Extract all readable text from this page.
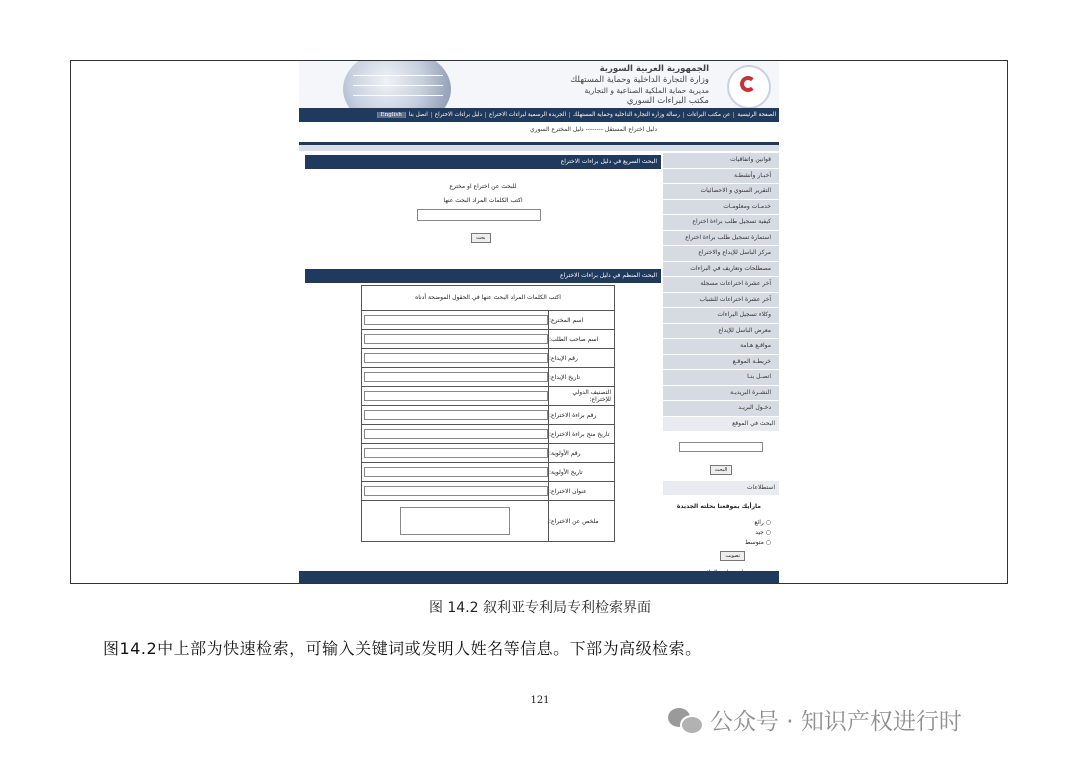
الجمهورية العربية السورية
وزارة التجارة الداخلية وحماية المستهلك
مديرية حماية الملكية الصناعية و التجارية
مكتب البراءات السوري
الصفحة الرئيسية
عن مكتب البراءات
رسالة وزارة التجارة الداخلية وحماية المستهلك
الجريدة الرسمية لبراءات الاختراع
دليل براءات الاختراع
اتصل بنا
English
دليل اختراع المستقل -------- دليل المخترع السوري
البحث السريع في دليل براءات الاختراع
للبحث عن اختراع او مخترع
اكتب الكلمات المراد البحث عنها
بحث
البحث المنظم في دليل براءات الاختراع
اكتب الكلمات المراد البحث عنها في الحقول الموضحة أدناه
اسم المخترع:
اسم صاحب الطلب:
رقم الإيداع:
تاريخ الإيداع:
التصنيف الدولي للإختراع:
رقم براءة الاختراع:
تاريخ منح براءة الاختراع:
رقم الأولوية:
تاريخ الأولوية:
عنوان الاختراع:
ملخص عن الاختراع:
قوانين واتفاقيات
أخبـار وأنشطـة
التقرير السنوي و الاحصائيات
خدمـات ومعلومـات
كيفية تسجيل طلب براءة اختراع
استمارة تسجيل طلب براءة اختراع
مركز الباسل للإبداع والاختراع
مصطلحات وتعاريف في البراءات
آخر عشرة اختراعات مسجلة
آخر عشرة اختراعات للشباب
وكلاء تسجيل البراءات
معرض الباسل للإبداع
مواقـع هـامة
خريطـة الموقـع
اتصـل بنـا
النشـرة البريديـة
دخـول البريـد
البحث في الموقع

البحث
استطلاعات
مارأيك بموقعنا بحلته الجديدة
○ رائع
○ جيد
○ متوسط
تصويت
图 14.2 叙利亚专利局专利检索界面
图14.2中上部为快速检索，可输入关键词或发明人姓名等信息。下部为高级检索。
121
公众号 · 知识产权进行时
